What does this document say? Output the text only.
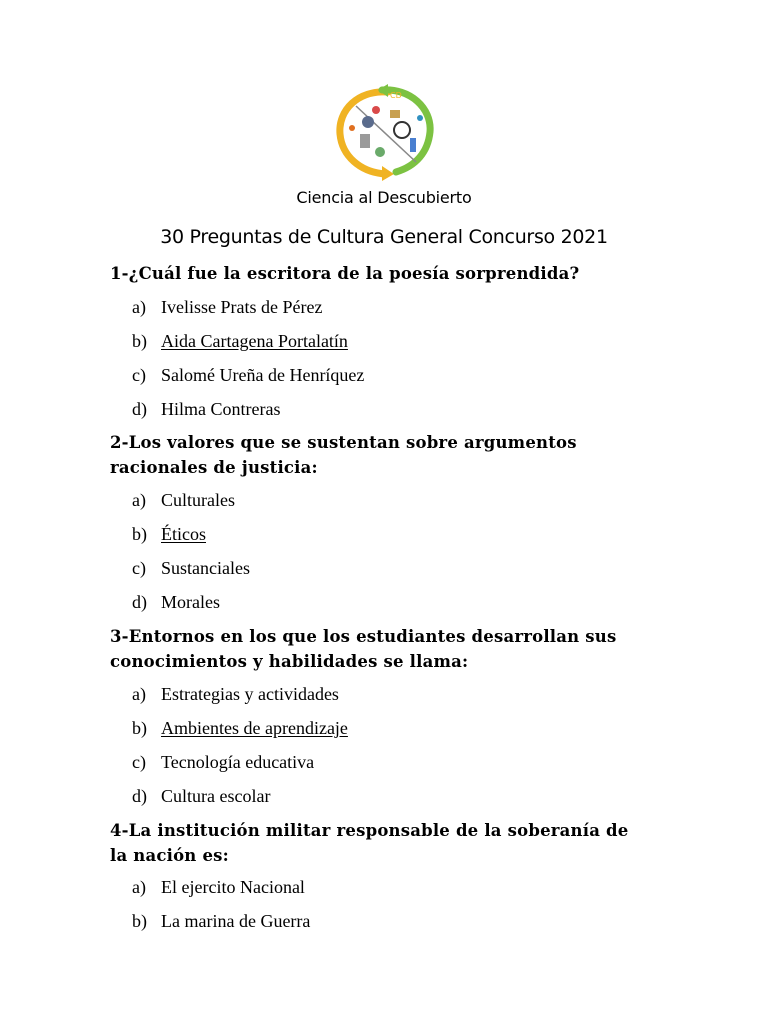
CD
Ciencia al Descubierto
30 Preguntas de Cultura General Concurso 2021
1-¿Cuál fue la escritora de la poesía sorprendida?
a) Ivelisse Prats de Pérez
b) Aida Cartagena Portalatín
c) Salomé Ureña de Henríquez
d) Hilma Contreras
2-Los valores que se sustentan sobre argumentos racionales de justicia:
a) Culturales
b) Éticos
c) Sustanciales
d) Morales
3-Entornos en los que los estudiantes desarrollan sus conocimientos y habilidades se llama:
a) Estrategias y actividades
b) Ambientes de aprendizaje
c) Tecnología educativa
d) Cultura escolar
4-La institución militar responsable de la soberanía de la nación es:
a) El ejercito Nacional
b) La marina de Guerra
